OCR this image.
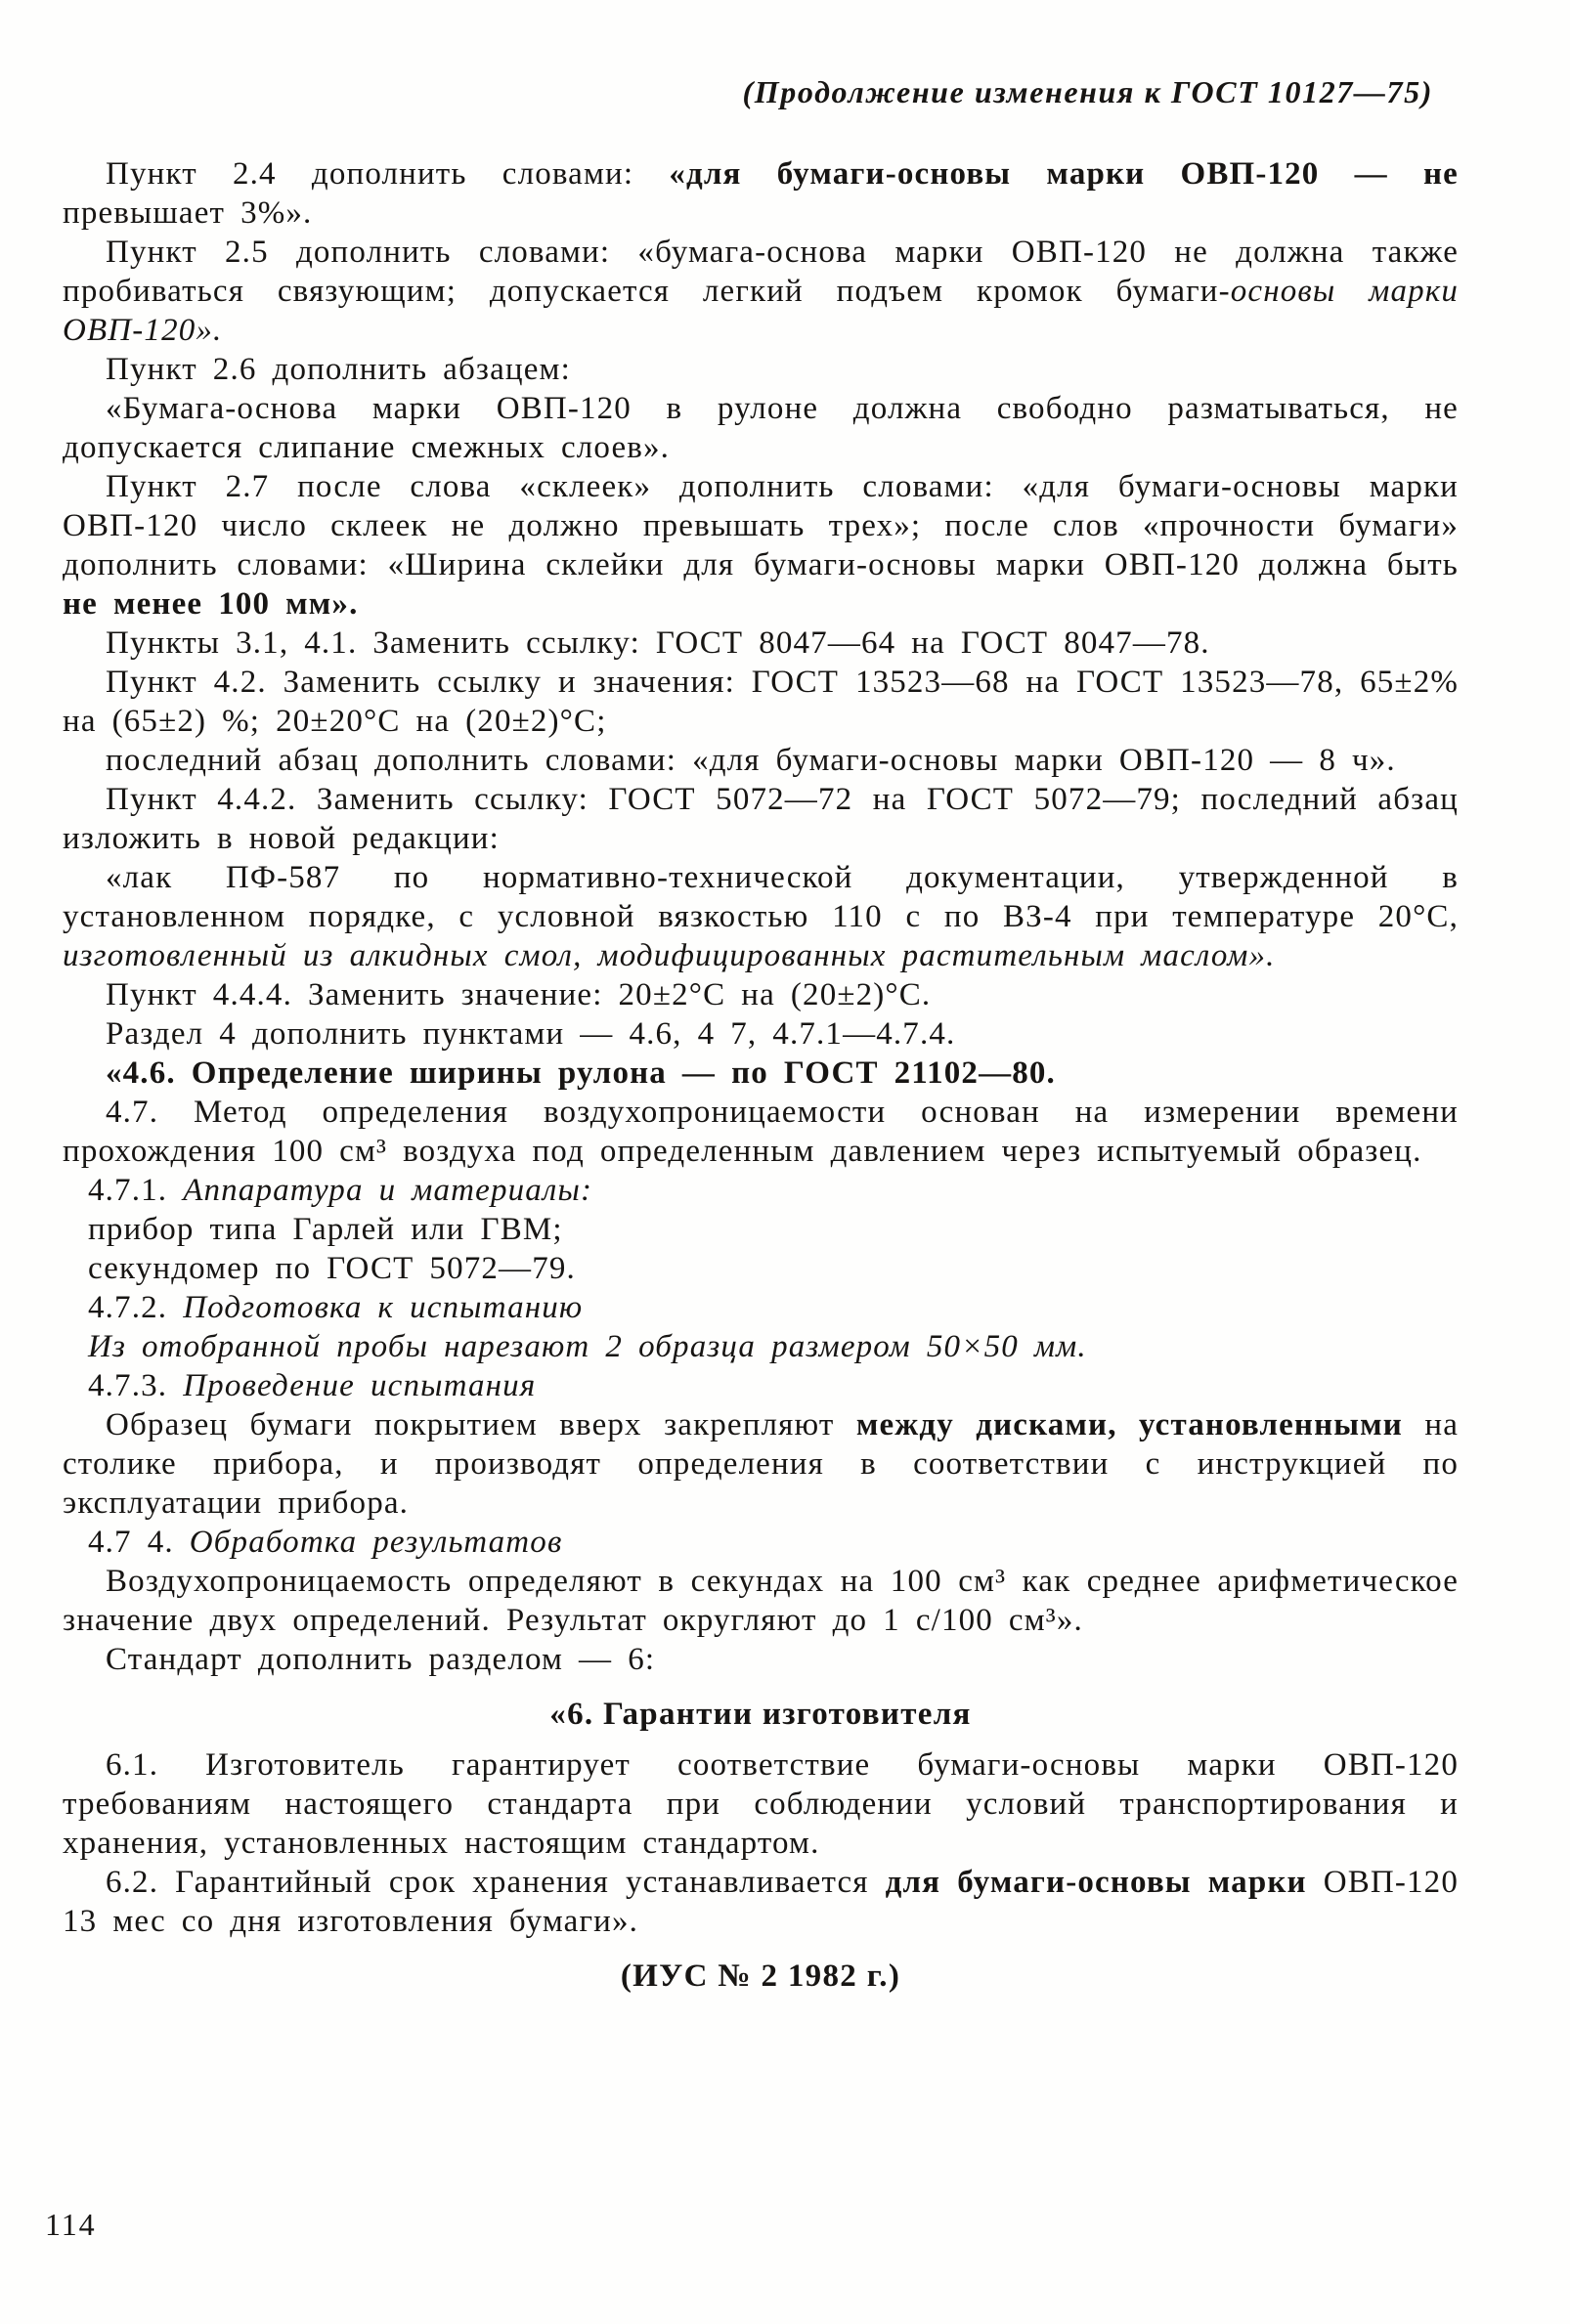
(Продолжение изменения к ГОСТ 10127—75)

Пункт 2.4 дополнить словами: «для бумаги-основы марки ОВП-120 — не превышает 3%».

Пункт 2.5 дополнить словами: «бумага-основа марки ОВП-120 не должна также пробиваться связующим; допускается легкий подъем кромок бумаги-основы марки ОВП-120».

Пункт 2.6 дополнить абзацем:

«Бумага-основа марки ОВП-120 в рулоне должна свободно разматываться, не допускается слипание смежных слоев».

Пункт 2.7 после слова «склеек» дополнить словами: «для бумаги-основы марки ОВП-120 число склеек не должно превышать трех»; после слов «прочности бумаги» дополнить словами: «Ширина склейки для бумаги-основы марки ОВП-120 должна быть не менее 100 мм».

Пункты 3.1, 4.1. Заменить ссылку: ГОСТ 8047—64 на ГОСТ 8047—78.

Пункт 4.2. Заменить ссылку и значения: ГОСТ 13523—68 на ГОСТ 13523—78, 65±2% на (65±2) %; 20±20°С на (20±2)°С;

последний абзац дополнить словами: «для бумаги-основы марки ОВП-120 — 8 ч».

Пункт 4.4.2. Заменить ссылку: ГОСТ 5072—72 на ГОСТ 5072—79; последний абзац изложить в новой редакции:

«лак ПФ-587 по нормативно-технической документации, утвержденной в установленном порядке, с условной вязкостью 110 с по ВЗ-4 при температуре 20°С, изготовленный из алкидных смол, модифицированных растительным маслом».

Пункт 4.4.4. Заменить значение: 20±2°С на (20±2)°С.

Раздел 4 дополнить пунктами — 4.6, 4 7, 4.7.1—4.7.4.

«4.6. Определение ширины рулона — по ГОСТ 21102—80.

4.7. Метод определения воздухопроницаемости основан на измерении времени прохождения 100 см³ воздуха под определенным давлением через испытуемый образец.

4.7.1. Аппаратура и материалы:

прибор типа Гарлей или ГВМ;

секундомер по ГОСТ 5072—79.

4.7.2. Подготовка к испытанию

Из отобранной пробы нарезают 2 образца размером 50×50 мм.

4.7.3. Проведение испытания

Образец бумаги покрытием вверх закрепляют между дисками, установленными на столике прибора, и производят определения в соответствии с инструкцией по эксплуатации прибора.

4.7 4. Обработка результатов

Воздухопроницаемость определяют в секундах на 100 см³ как среднее арифметическое значение двух определений. Результат округляют до 1 с/100 см³».

Стандарт дополнить разделом — 6:

«6. Гарантии изготовителя

6.1. Изготовитель гарантирует соответствие бумаги-основы марки ОВП-120 требованиям настоящего стандарта при соблюдении условий транспортирования и хранения, установленных настоящим стандартом.

6.2. Гарантийный срок хранения устанавливается для бумаги-основы марки ОВП-120 13 мес со дня изготовления бумаги».

(ИУС № 2 1982 г.)

114
